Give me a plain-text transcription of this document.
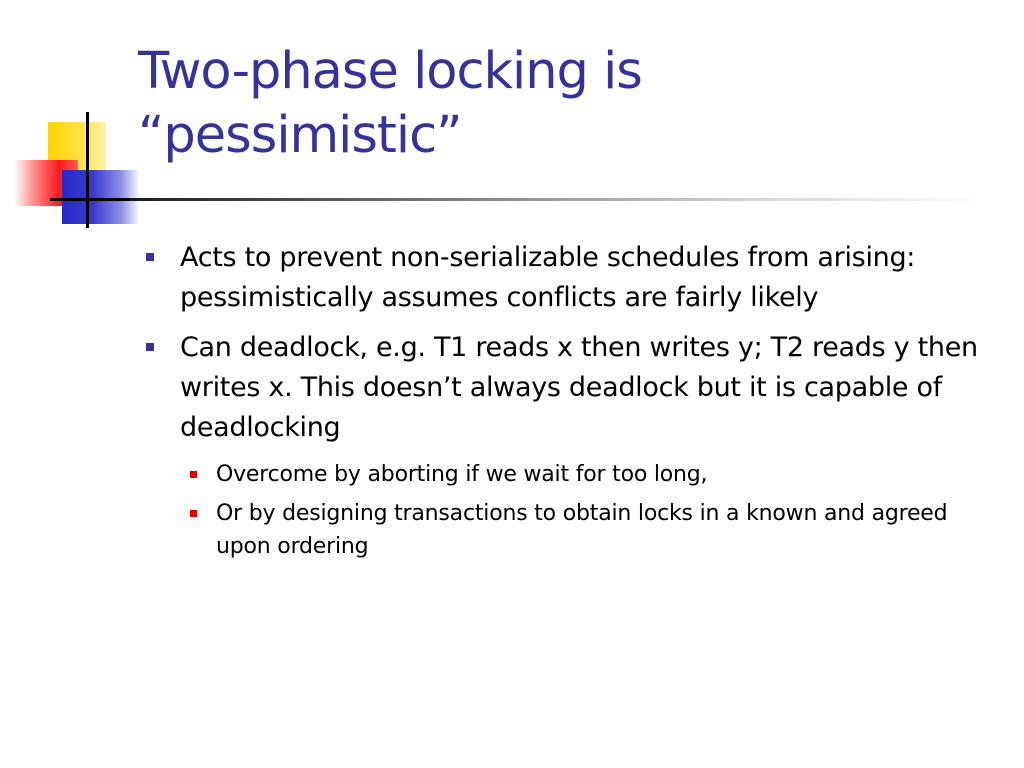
Two-phase locking is
“pessimistic”
Acts to prevent non-serializable schedules from arising: pessimistically assumes conflicts are fairly likely
Can deadlock, e.g. T1 reads x then writes y; T2 reads y then writes x. This doesn’t always deadlock but it is capable of deadlocking
Overcome by aborting if we wait for too long,
Or by designing transactions to obtain locks in a known and agreed upon ordering
